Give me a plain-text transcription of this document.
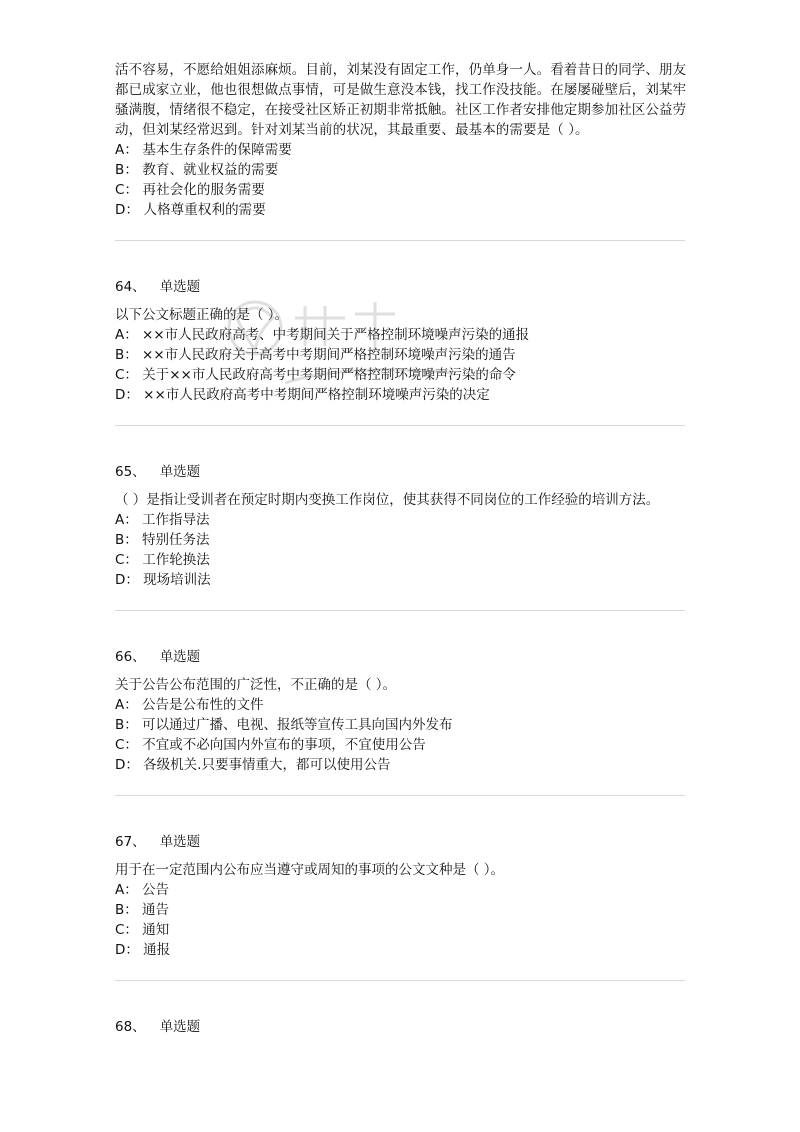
活不容易，不愿给姐姐添麻烦。目前，刘某没有固定工作，仍单身一人。看着昔日的同学、朋友都已成家立业，他也很想做点事情，可是做生意没本钱，找工作没技能。在屡屡碰壁后，刘某牢骚满腹，情绪很不稳定，在接受社区矫正初期非常抵触。社区工作者安排他定期参加社区公益劳动，但刘某经常迟到。针对刘某当前的状况，其最重要、最基本的需要是（ ）。
A： 基本生存条件的保障需要
B： 教育、就业权益的需要
C： 再社会化的服务需要
D： 人格尊重权利的需要
64、 单选题
以下公文标题正确的是（ ）。
A： ××市人民政府高考、中考期间关于严格控制环境噪声污染的通报
B： ××市人民政府关于高考中考期间严格控制环境噪声污染的通告
C： 关于××市人民政府高考中考期间严格控制环境噪声污染的命令
D： ××市人民政府高考中考期间严格控制环境噪声污染的决定
65、 单选题
（ ）是指让受训者在预定时期内变换工作岗位，使其获得不同岗位的工作经验的培训方法。
A： 工作指导法
B： 特别任务法
C： 工作轮换法
D： 现场培训法
66、 单选题
关于公告公布范围的广泛性，不正确的是（ ）。
A： 公告是公布性的文件
B： 可以通过广播、电视、报纸等宣传工具向国内外发布
C： 不宜或不必向国内外宣布的事项，不宜使用公告
D： 各级机关.只要事情重大，都可以使用公告
67、 单选题
用于在一定范围内公布应当遵守或周知的事项的公文文种是（ ）。
A： 公告
B： 通告
C： 通知
D： 通报
68、 单选题
